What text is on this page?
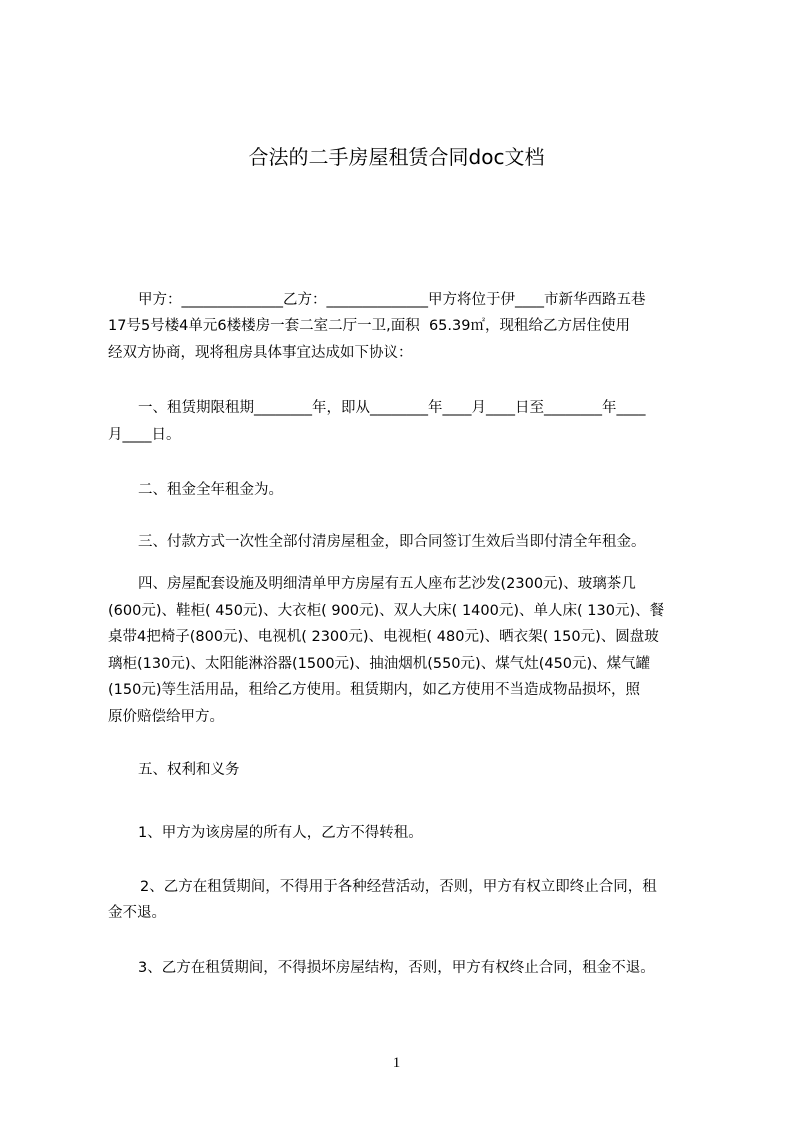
合法的二手房屋租赁合同doc文档
甲方：______________乙方：______________甲方将位于伊____市新华西路五巷
17号5号楼4单元6楼楼房一套二室二厅一卫,面积  65.39㎡，现租给乙方居住使用
经双方协商，现将租房具体事宜达成如下协议：
一、租赁期限租期________年，即从________年____月____日至________年____
月____日。
二、租金全年租金为。
三、付款方式一次性全部付清房屋租金，即合同签订生效后当即付清全年租金。
四、房屋配套设施及明细清单甲方房屋有五人座布艺沙发(2300元)、玻璃茶几
(600元)、鞋柜( 450元)、大衣柜( 900元)、双人大床( 1400元)、单人床( 130元)、餐
桌带4把椅子(800元)、电视机( 2300元)、电视柜( 480元)、晒衣架( 150元)、圆盘玻
璃柜(130元)、太阳能淋浴器(1500元)、抽油烟机(550元)、煤气灶(450元)、煤气罐
(150元)等生活用品，租给乙方使用。租赁期内，如乙方使用不当造成物品损坏，照
原价赔偿给甲方。
五、权利和义务
1、甲方为该房屋的所有人，乙方不得转租。
2、乙方在租赁期间，不得用于各种经营活动，否则，甲方有权立即终止合同，租
金不退。
3、乙方在租赁期间，不得损坏房屋结构，否则，甲方有权终止合同，租金不退。
1
